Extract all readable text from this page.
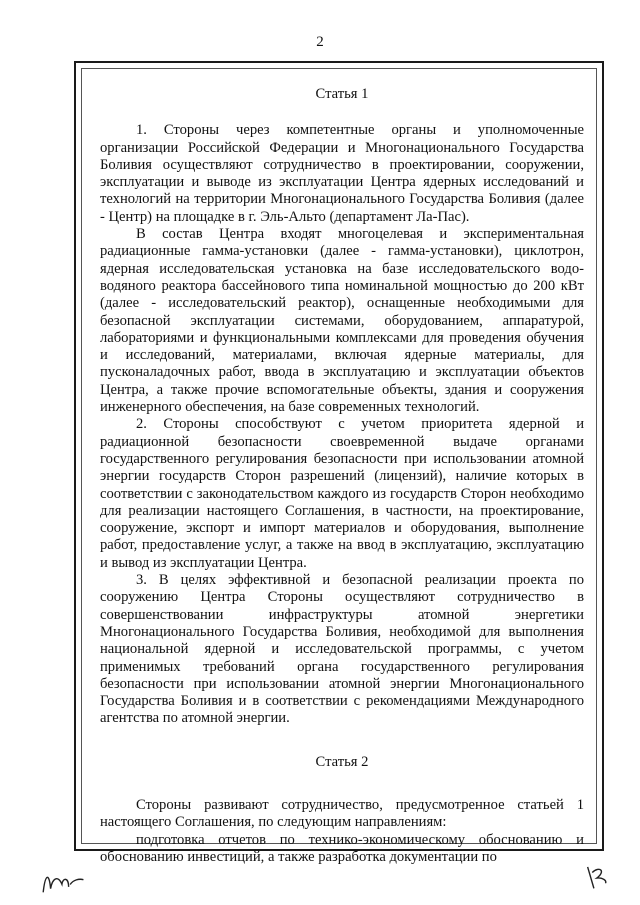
2
Статья 1

1. Стороны через компетентные органы и уполномоченные организации Российской Федерации и Многонационального Государства Боливия осуществляют сотрудничество в проектировании, сооружении, эксплуатации и выводе из эксплуатации Центра ядерных исследований и технологий на территории Многонационального Государства Боливия (далее - Центр) на площадке в г. Эль-Альто (департамент Ла-Пас).

В состав Центра входят многоцелевая и экспериментальная радиационные гамма-установки (далее - гамма-установки), циклотрон, ядерная исследовательская установка на базе исследовательского водо-водяного реактора бассейнового типа номинальной мощностью до 200 кВт (далее - исследовательский реактор), оснащенные необходимыми для безопасной эксплуатации системами, оборудованием, аппаратурой, лабораториями и функциональными комплексами для проведения обучения и исследований, материалами, включая ядерные материалы, для пусконаладочных работ, ввода в эксплуатацию и эксплуатации объектов Центра, а также прочие вспомогательные объекты, здания и сооружения инженерного обеспечения, на базе современных технологий.

2. Стороны способствуют с учетом приоритета ядерной и радиационной безопасности своевременной выдаче органами государственного регулирования безопасности при использовании атомной энергии государств Сторон разрешений (лицензий), наличие которых в соответствии с законодательством каждого из государств Сторон необходимо для реализации настоящего Соглашения, в частности, на проектирование, сооружение, экспорт и импорт материалов и оборудования, выполнение работ, предоставление услуг, а также на ввод в эксплуатацию, эксплуатацию и вывод из эксплуатации Центра.

3. В целях эффективной и безопасной реализации проекта по сооружению Центра Стороны осуществляют сотрудничество в совершенствовании инфраструктуры атомной энергетики Многонационального Государства Боливия, необходимой для выполнения национальной ядерной и исследовательской программы, с учетом применимых требований органа государственного регулирования безопасности при использовании атомной энергии Многонационального Государства Боливия и в соответствии с рекомендациями Международного агентства по атомной энергии.

Статья 2

Стороны развивают сотрудничество, предусмотренное статьей 1 настоящего Соглашения, по следующим направлениям:

подготовка отчетов по технико-экономическому обоснованию и обоснованию инвестиций, а также разработка документации по
